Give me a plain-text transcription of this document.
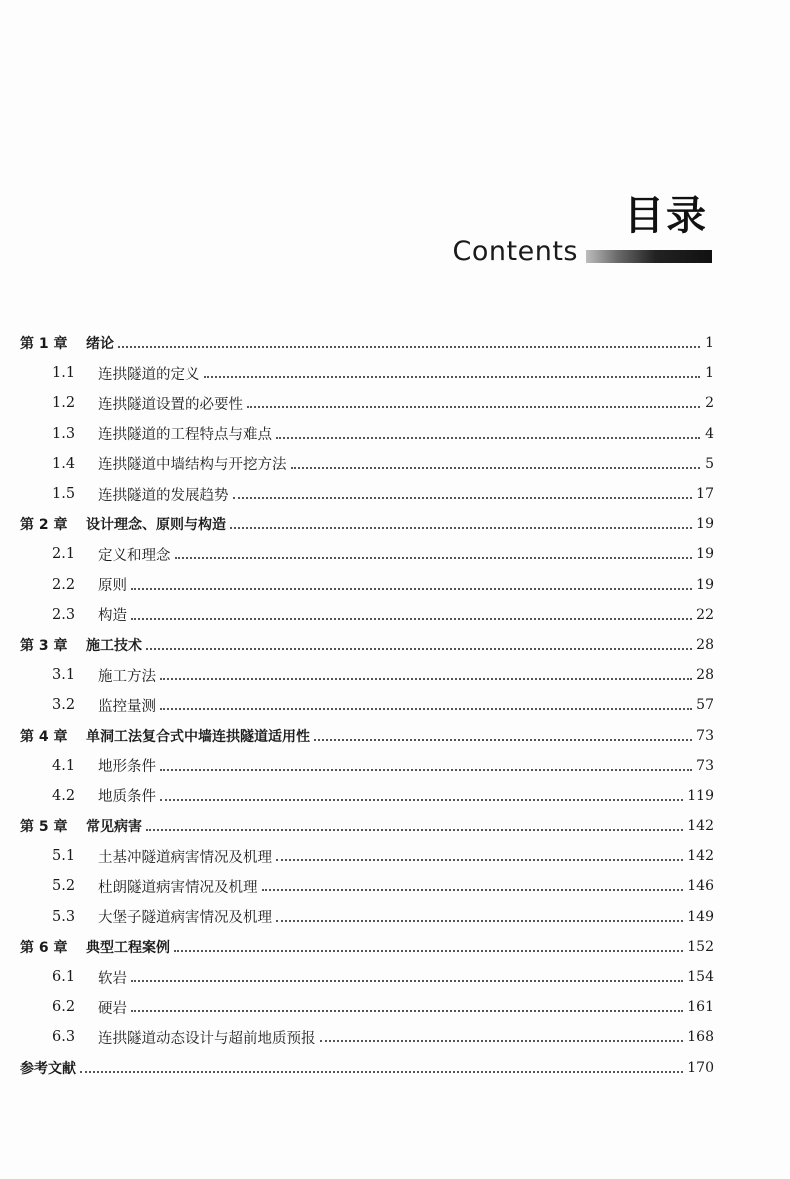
目录
Contents
第 1 章	绪论	1
1.1	连拱隧道的定义	1
1.2	连拱隧道设置的必要性	2
1.3	连拱隧道的工程特点与难点	4
1.4	连拱隧道中墙结构与开挖方法	5
1.5	连拱隧道的发展趋势	17
第 2 章	设计理念、原则与构造	19
2.1	定义和理念	19
2.2	原则	19
2.3	构造	22
第 3 章	施工技术	28
3.1	施工方法	28
3.2	监控量测	57
第 4 章	单洞工法复合式中墙连拱隧道适用性	73
4.1	地形条件	73
4.2	地质条件	119
第 5 章	常见病害	142
5.1	土基冲隧道病害情况及机理	142
5.2	杜朗隧道病害情况及机理	146
5.3	大堡子隧道病害情况及机理	149
第 6 章	典型工程案例	152
6.1	软岩	154
6.2	硬岩	161
6.3	连拱隧道动态设计与超前地质预报	168
参考文献	170
